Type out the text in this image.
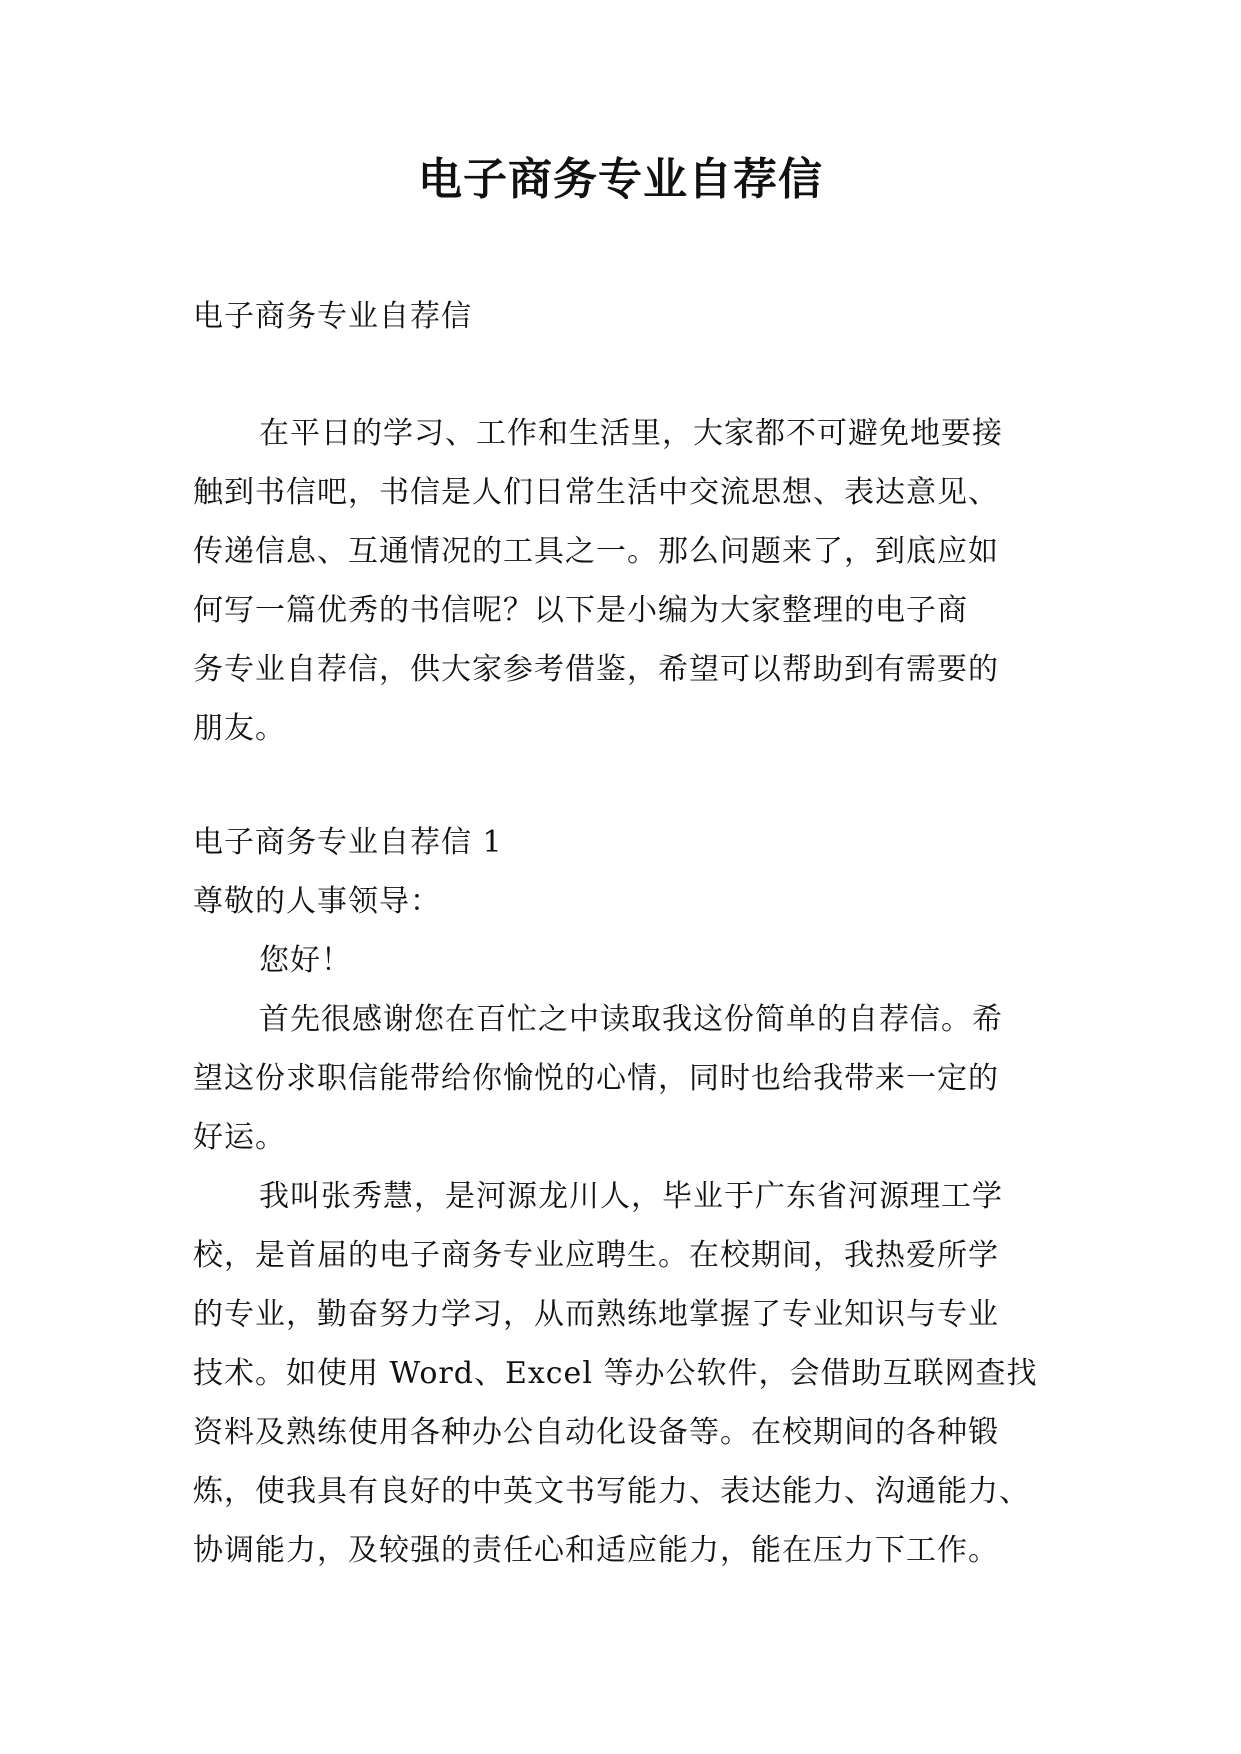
电子商务专业自荐信

电子商务专业自荐信

在平日的学习、工作和生活里，大家都不可避免地要接
触到书信吧，书信是人们日常生活中交流思想、表达意见、
传递信息、互通情况的工具之一。那么问题来了，到底应如
何写一篇优秀的书信呢？以下是小编为大家整理的电子商
务专业自荐信，供大家参考借鉴，希望可以帮助到有需要的
朋友。

电子商务专业自荐信 1

尊敬的人事领导：

您好！

首先很感谢您在百忙之中读取我这份简单的自荐信。希
望这份求职信能带给你愉悦的心情，同时也给我带来一定的
好运。

我叫张秀慧，是河源龙川人，毕业于广东省河源理工学
校，是首届的电子商务专业应聘生。在校期间，我热爱所学
的专业，勤奋努力学习，从而熟练地掌握了专业知识与专业
技术。如使用 Word、Excel 等办公软件，会借助互联网查找
资料及熟练使用各种办公自动化设备等。在校期间的各种锻
炼，使我具有良好的中英文书写能力、表达能力、沟通能力、
协调能力，及较强的责任心和适应能力，能在压力下工作。
